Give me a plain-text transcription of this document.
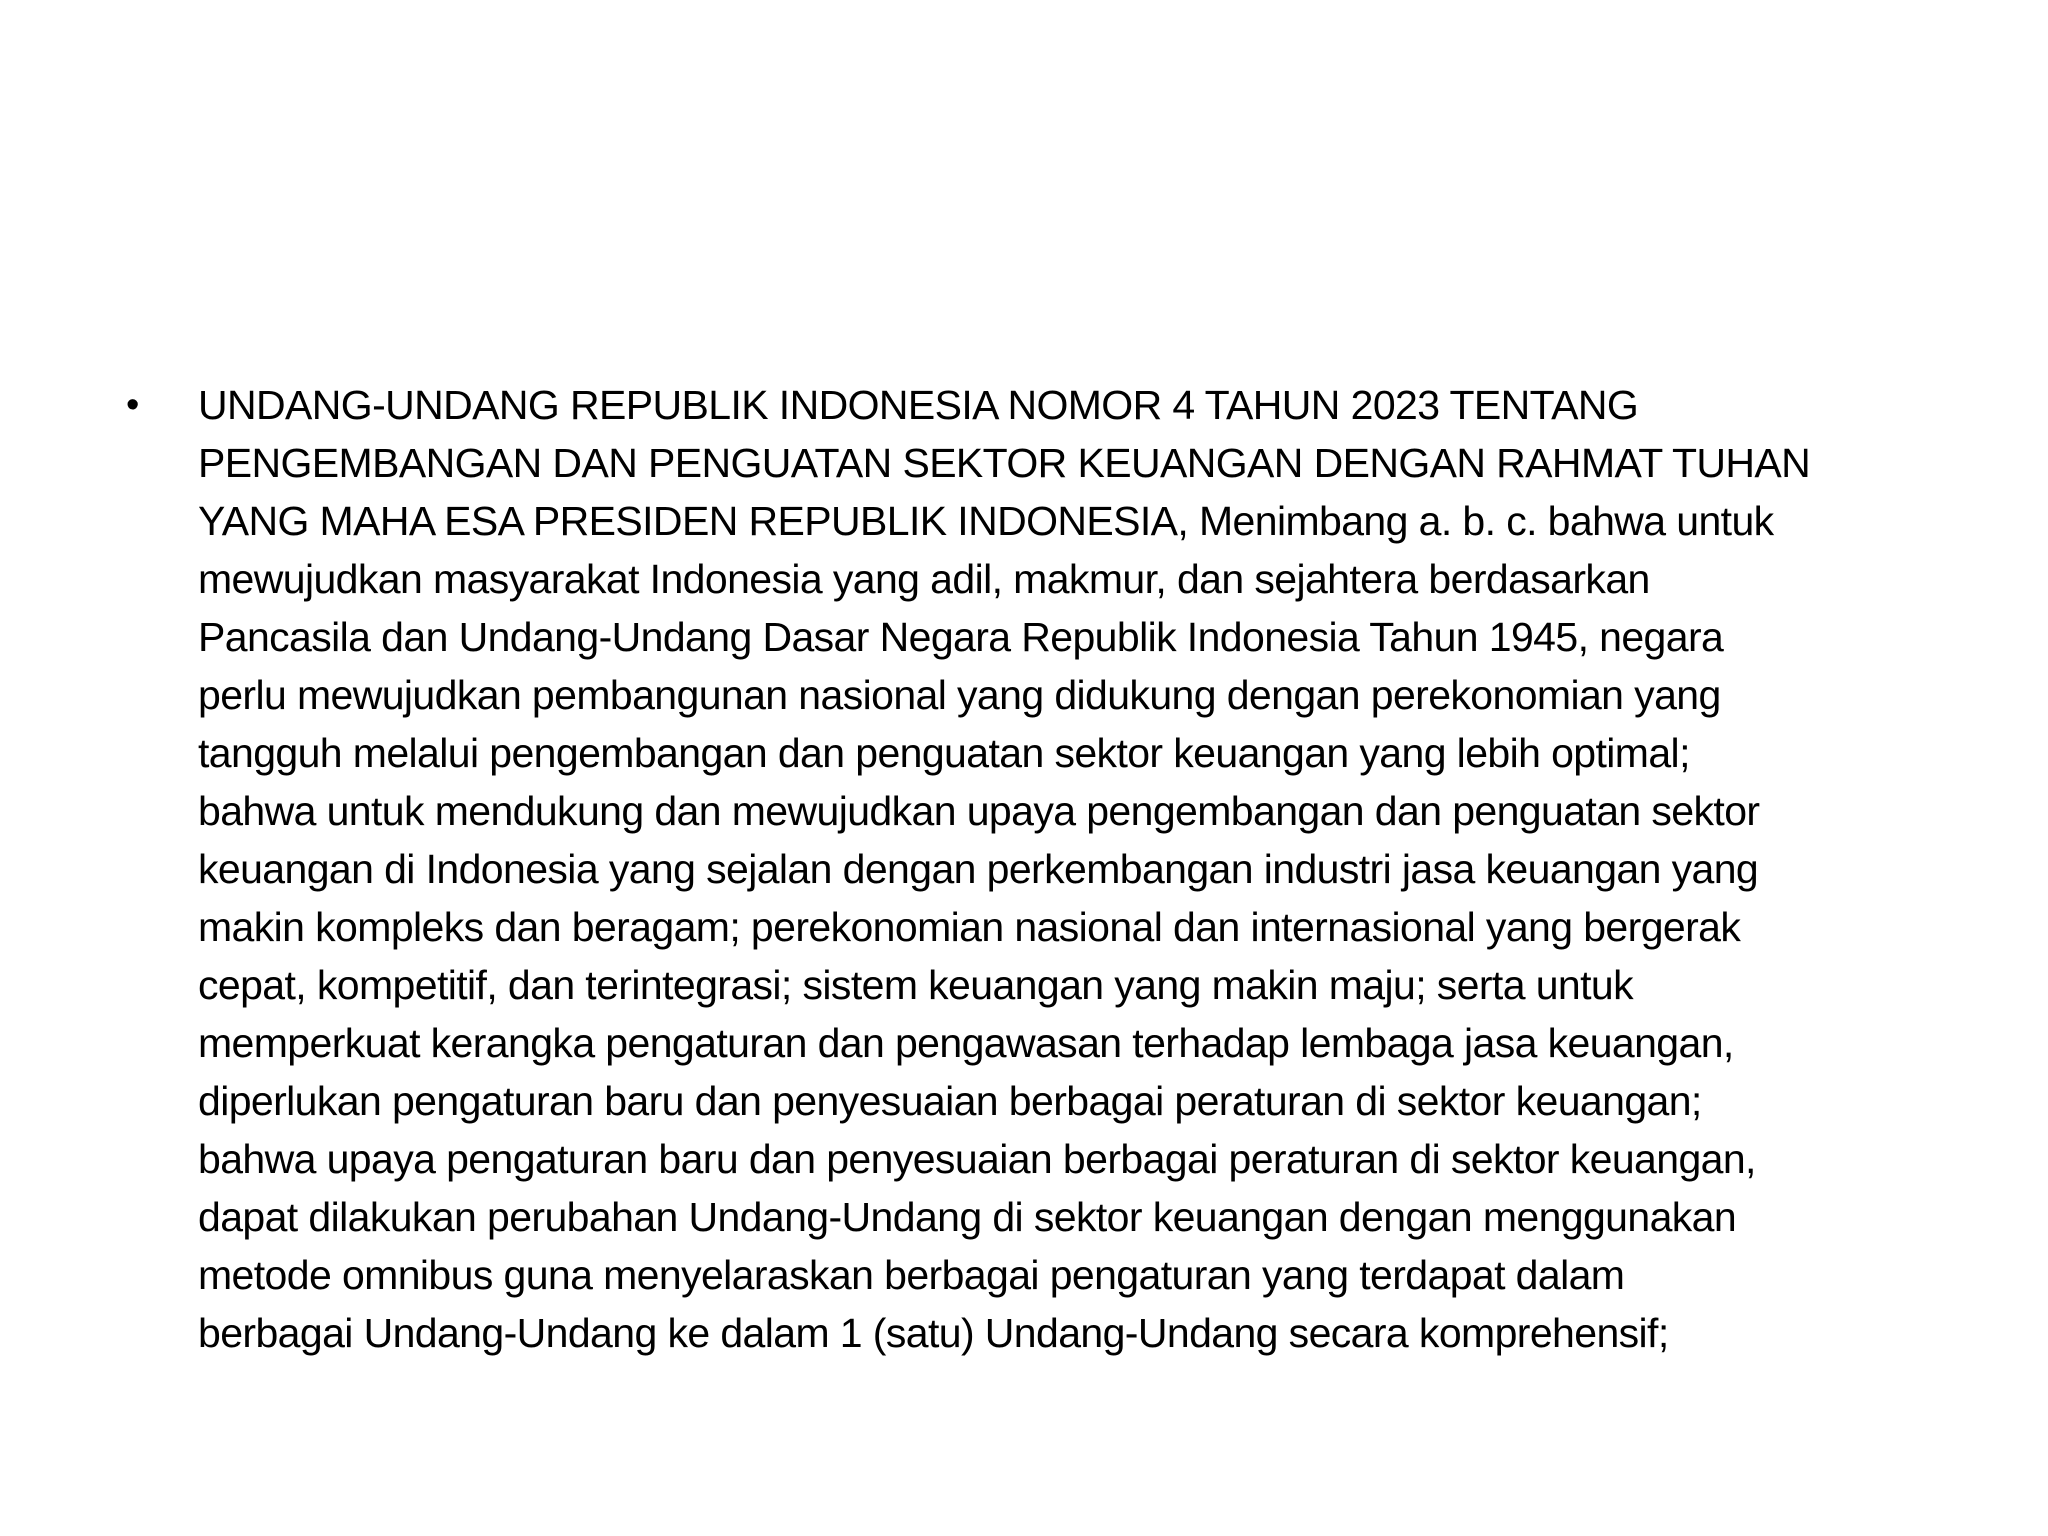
•	UNDANG-UNDANG REPUBLIK INDONESIA NOMOR 4 TAHUN 2023 TENTANG
PENGEMBANGAN DAN PENGUATAN SEKTOR KEUANGAN DENGAN RAHMAT TUHAN
YANG MAHA ESA PRESIDEN REPUBLIK INDONESIA, Menimbang a. b. c. bahwa untuk
mewujudkan masyarakat Indonesia yang adil, makmur, dan sejahtera berdasarkan
Pancasila dan Undang-Undang Dasar Negara Republik Indonesia Tahun 1945, negara
perlu mewujudkan pembangunan nasional yang didukung dengan perekonomian yang
tangguh melalui pengembangan dan penguatan sektor keuangan yang lebih optimal;
bahwa untuk mendukung dan mewujudkan upaya pengembangan dan penguatan sektor
keuangan di Indonesia yang sejalan dengan perkembangan industri jasa keuangan yang
makin kompleks dan beragam; perekonomian nasional dan internasional yang bergerak
cepat, kompetitif, dan terintegrasi; sistem keuangan yang makin maju; serta untuk
memperkuat kerangka pengaturan dan pengawasan terhadap lembaga jasa keuangan,
diperlukan pengaturan baru dan penyesuaian berbagai peraturan di sektor keuangan;
bahwa upaya pengaturan baru dan penyesuaian berbagai peraturan di sektor keuangan,
dapat dilakukan perubahan Undang-Undang di sektor keuangan dengan menggunakan
metode omnibus guna menyelaraskan berbagai pengaturan yang terdapat dalam
berbagai Undang-Undang ke dalam 1 (satu) Undang-Undang secara komprehensif;
